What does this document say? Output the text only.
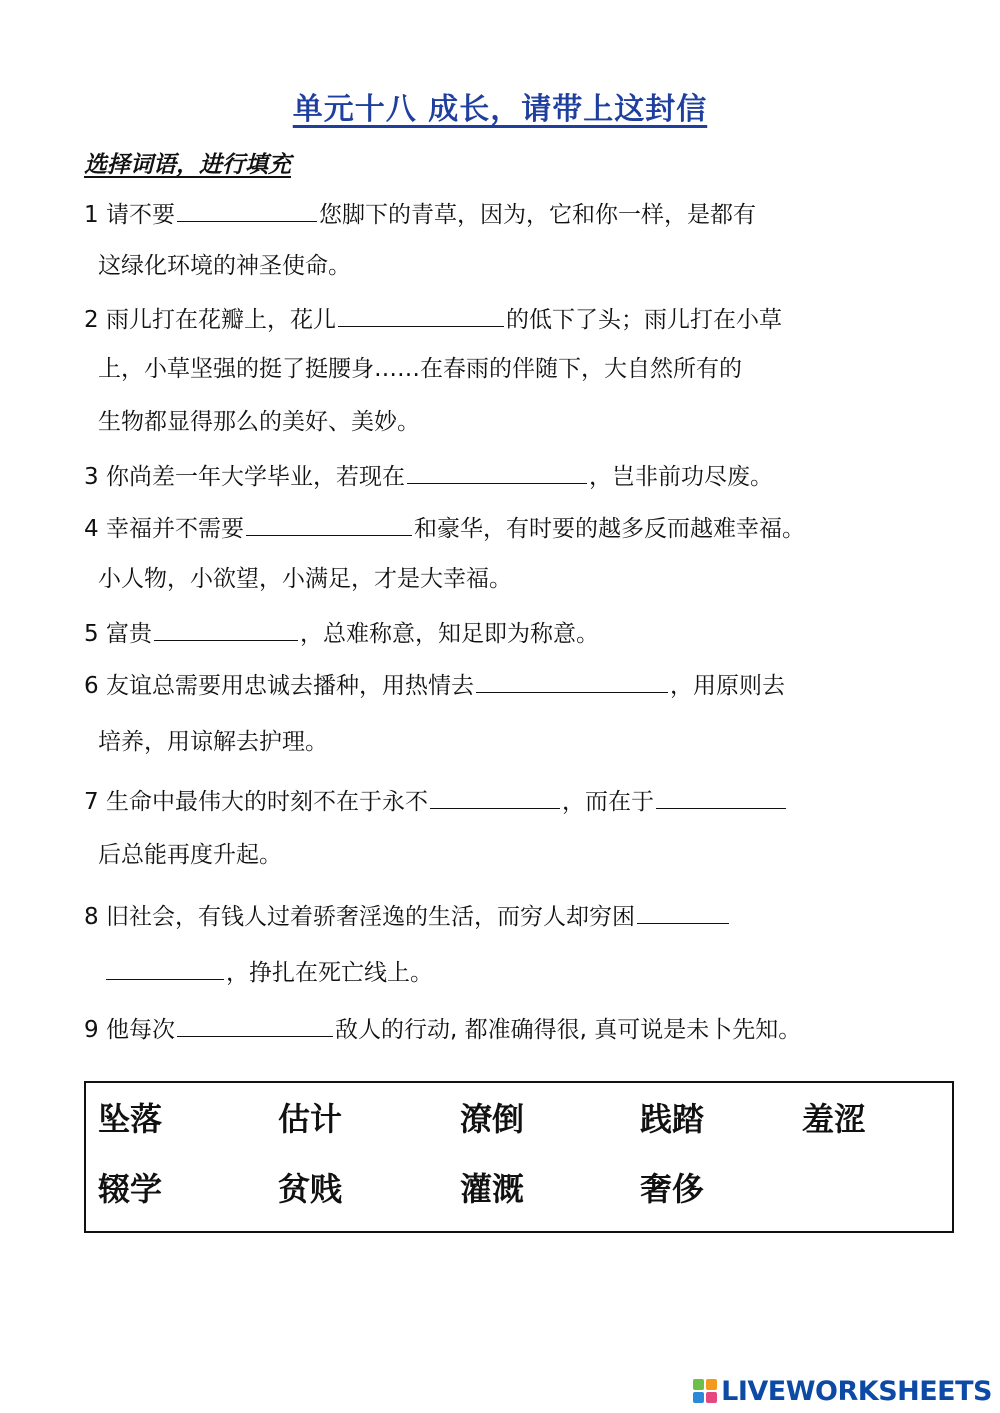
单元十八 成长，请带上这封信
选择词语，进行填充
1 请不要	您脚下的青草，因为，它和你一样，是都有
这绿化环境的神圣使命。
2 雨儿打在花瓣上，花儿	的低下了头；雨儿打在小草
上，小草坚强的挺了挺腰身……在春雨的伴随下，大自然所有的
生物都显得那么的美好、美妙。
3 你尚差一年大学毕业，若现在	，岂非前功尽废。
4 幸福并不需要	和豪华，有时要的越多反而越难幸福。
小人物，小欲望，小满足，才是大幸福。
5 富贵	，总难称意，知足即为称意。
6 友谊总需要用忠诚去播种，用热情去	，用原则去
培养，用谅解去护理。
7 生命中最伟大的时刻不在于永不	，而在于
后总能再度升起。
8 旧社会，有钱人过着骄奢淫逸的生活，而穷人却穷困
，挣扎在死亡线上。
9 他每次	敌人的行动, 都准确得很, 真可说是未卜先知。
坠落	估计	潦倒	践踏	羞涩
辍学	贫贱	灌溉	奢侈
LIVEWORKSHEETS
